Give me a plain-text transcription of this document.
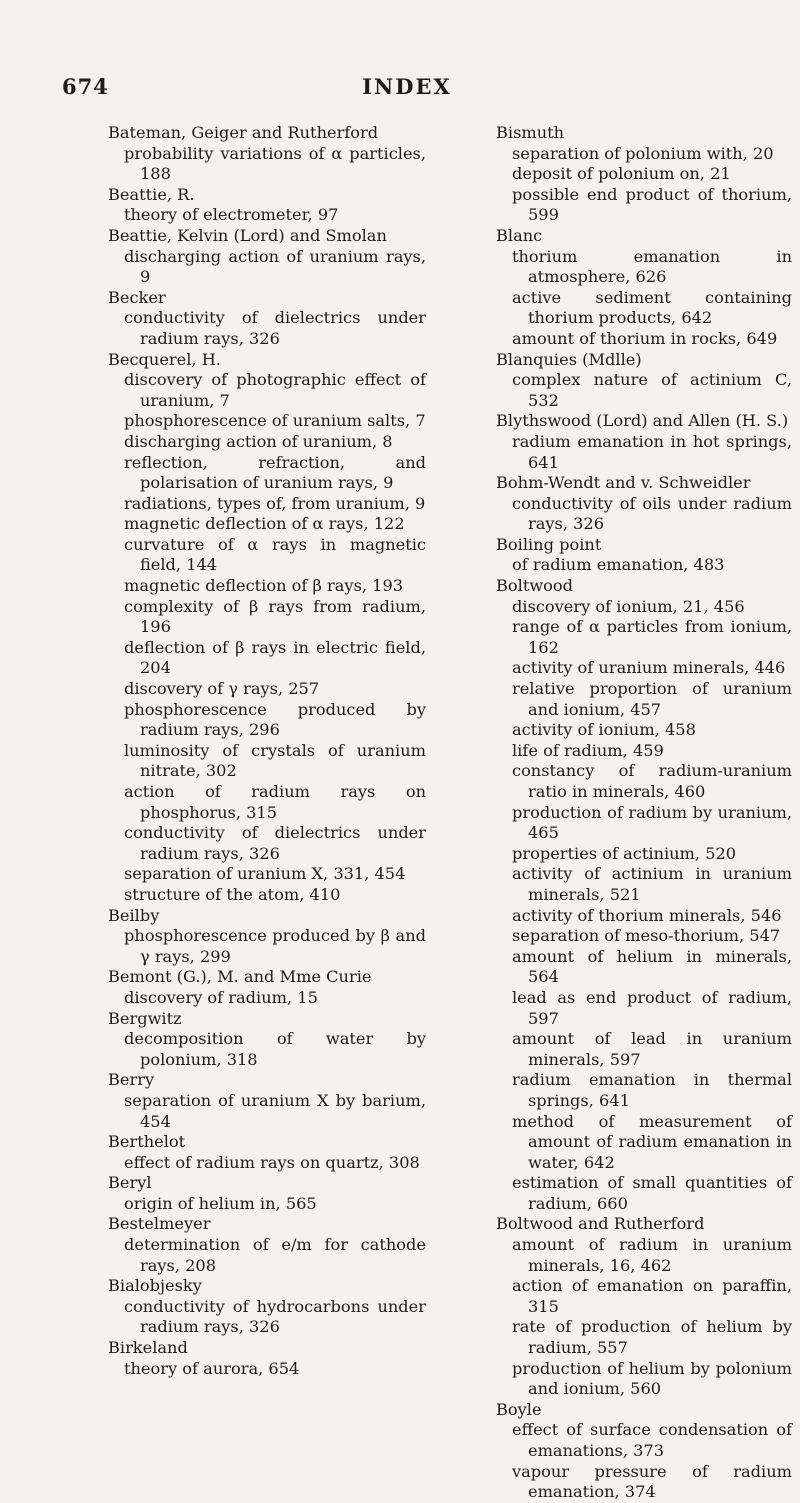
674	INDEX
Bateman, Geiger and Rutherford
probability variations of α particles, 188
Beattie, R.
theory of electrometer, 97
Beattie, Kelvin (Lord) and Smolan
discharging action of uranium rays, 9
Becker
conductivity of dielectrics under radium rays, 326
Becquerel, H.
discovery of photographic effect of uranium, 7
phosphorescence of uranium salts, 7
discharging action of uranium, 8
reflection, refraction, and polarisation of uranium rays, 9
radiations, types of, from uranium, 9
magnetic deflection of α rays, 122
curvature of α rays in magnetic field, 144
magnetic deflection of β rays, 193
complexity of β rays from radium, 196
deflection of β rays in electric field, 204
discovery of γ rays, 257
phosphorescence produced by radium rays, 296
luminosity of crystals of uranium nitrate, 302
action of radium rays on phosphorus, 315
conductivity of dielectrics under radium rays, 326
separation of uranium X, 331, 454
structure of the atom, 410
Beilby
phosphorescence produced by β and γ rays, 299
Bemont (G.), M. and Mme Curie
discovery of radium, 15
Bergwitz
decomposition of water by polonium, 318
Berry
separation of uranium X by barium, 454
Berthelot
effect of radium rays on quartz, 308
Beryl
origin of helium in, 565
Bestelmeyer
determination of e/m for cathode rays, 208
Bialobjesky
conductivity of hydrocarbons under radium rays, 326
Birkeland
theory of aurora, 654
Bismuth
separation of polonium with, 20
deposit of polonium on, 21
possible end product of thorium, 599
Blanc
thorium emanation in atmosphere, 626
active sediment containing thorium products, 642
amount of thorium in rocks, 649
Blanquies (Mdlle)
complex nature of actinium C, 532
Blythswood (Lord) and Allen (H. S.)
radium emanation in hot springs, 641
Bohm-Wendt and v. Schweidler
conductivity of oils under radium rays, 326
Boiling point
of radium emanation, 483
Boltwood
discovery of ionium, 21, 456
range of α particles from ionium, 162
activity of uranium minerals, 446
relative proportion of uranium and ionium, 457
activity of ionium, 458
life of radium, 459
constancy of radium-uranium ratio in minerals, 460
production of radium by uranium, 465
properties of actinium, 520
activity of actinium in uranium minerals, 521
activity of thorium minerals, 546
separation of meso-thorium, 547
amount of helium in minerals, 564
lead as end product of radium, 597
amount of lead in uranium minerals, 597
radium emanation in thermal springs, 641
method of measurement of amount of radium emanation in water, 642
estimation of small quantities of radium, 660
Boltwood and Rutherford
amount of radium in uranium minerals, 16, 462
action of emanation on paraffin, 315
rate of production of helium by radium, 557
production of helium by polonium and ionium, 560
Boyle
effect of surface condensation of emanations, 373
vapour pressure of radium emanation, 374
